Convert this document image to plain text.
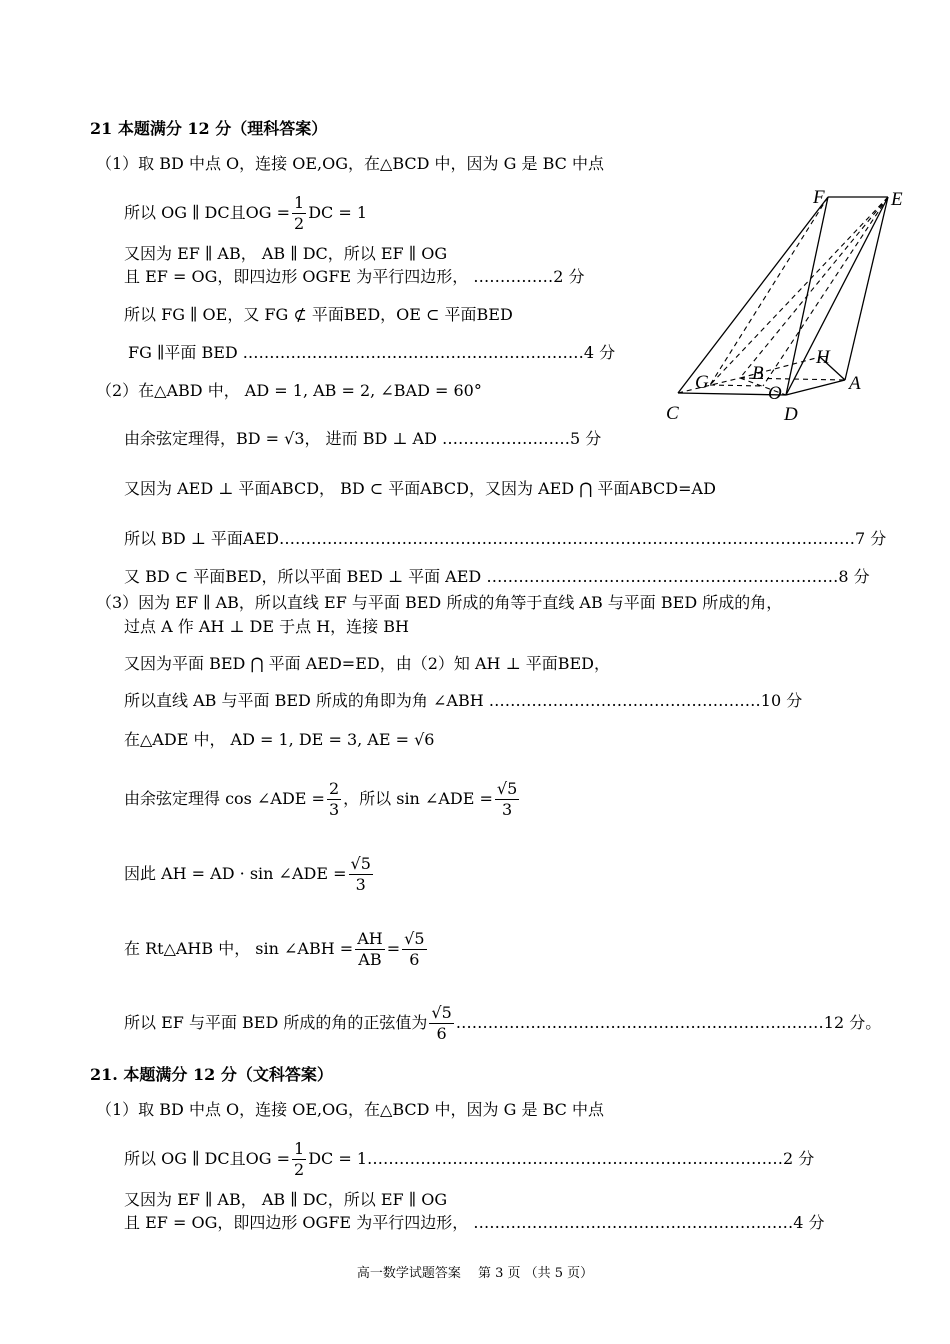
21 本题满分 12 分（理科答案）
（1）取 BD 中点 O，连接 OE,OG，在△BCD 中，因为 G 是 BC 中点
又因为 EF ∥ AB， AB ∥ DC，所以 EF ∥ OG
且 EF = OG，即四边形 OGFE 为平行四边形， ……………2 分
所以 FG ∥ OE，又 FG ⊄ 平面BED，OE ⊂ 平面BED
FG ∥平面 BED .………………………………………………………4 分
（2）在△ABD 中， AD = 1, AB = 2, ∠BAD = 60°
由余弦定理得，BD = √3， 进而 BD ⊥ AD ……………………5 分
又因为 AED ⊥ 平面ABCD， BD ⊂ 平面ABCD，又因为 AED ⋂ 平面ABCD=AD
所以 BD ⊥ 平面AED………………………………………………………………………………………………7 分
又 BD ⊂ 平面BED，所以平面 BED ⊥ 平面 AED …………………………………………………………8 分
（3）因为 EF ∥ AB，所以直线 EF 与平面 BED 所成的角等于直线 AB 与平面 BED 所成的角，
过点 A 作 AH ⊥ DE 于点 H，连接 BH
又因为平面 BED ⋂ 平面 AED=ED，由（2）知 AH ⊥ 平面BED，
所以直线 AB 与平面 BED 所成的角即为角 ∠ABH ……………………………………………10 分
在△ADE 中， AD = 1, DE = 3, AE = √6
21. 本题满分 12 分（文科答案）
（1）取 BD 中点 O，连接 OE,OG，在△BCD 中，因为 G 是 BC 中点
又因为 EF ∥ AB， AB ∥ DC，所以 EF ∥ OG
且 EF = OG，即四边形 OGFE 为平行四边形， ……………………………………………………4 分
所以 OG ∥ DC且OG = $\frac{1}{2}$ DC = 1
由余弦定理得 cos ∠ADE = $\frac{2}{3}$ ，所以 sin ∠ADE = $\frac{√5}{3}$
因此 AH = AD · sin ∠ADE = $\frac{√5}{3}$
在 Rt△AHB 中， sin ∠ABH = $\frac{AH}{AB} = \frac{√5}{6}$
所以 EF 与平面 BED 所成的角的正弦值为 $\frac{√5}{6}$ ……………………………………………………………12 分。
所以 OG ∥ DC且OG = $\frac{1}{2}$ DC = 1……………………………………………………………………2 分
F	E
H
G B	A
C
O
D
高一数学试题答案　 第 3 页 （共 5 页）
